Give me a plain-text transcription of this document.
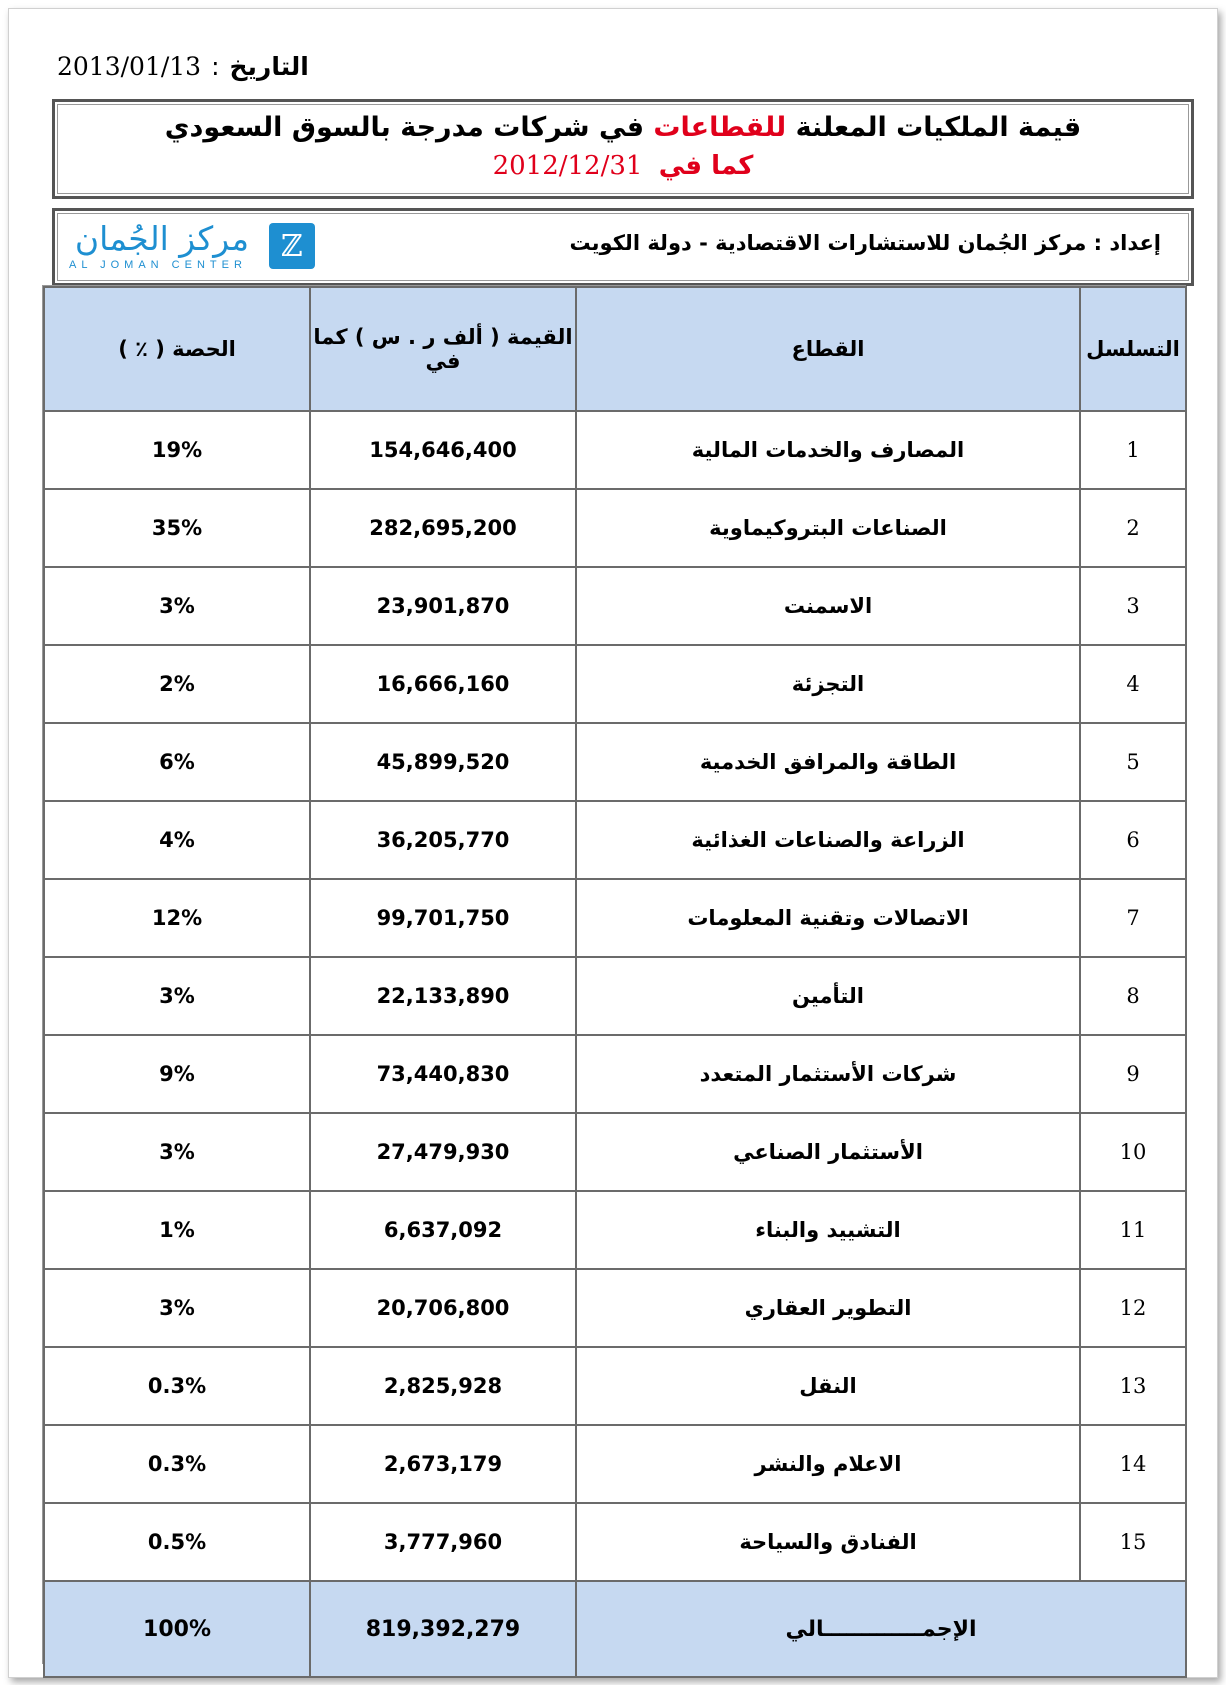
التاريخ
:
2013/01/13
قيمة الملكيات المعلنة للقطاعات في شركات مدرجة بالسوق السعودي
كما في 2012/12/31
إعداد : مركز الجُمان للاستشارات الاقتصادية - دولة الكويت
مركز الجُمان
AL JOMAN CENTER
ℤ
التسلسل	القطاع	القيمة ( ألف ر . س ) كما في	الحصة ( ٪ )
1	المصارف والخدمات المالية	154,646,400	19%
2	الصناعات البتروكيماوية	282,695,200	35%
3	الاسمنت	23,901,870	3%
4	التجزئة	16,666,160	2%
5	الطاقة والمرافق الخدمية	45,899,520	6%
6	الزراعة والصناعات الغذائية	36,205,770	4%
7	الاتصالات وتقنية المعلومات	99,701,750	12%
8	التأمين	22,133,890	3%
9	شركات الأستثمار المتعدد	73,440,830	9%
10	الأستثمار الصناعي	27,479,930	3%
11	التشييد والبناء	6,637,092	1%
12	التطوير العقاري	20,706,800	3%
13	النقل	2,825,928	0.3%
14	الاعلام والنشر	2,673,179	0.3%
15	الفنادق والسياحة	3,777,960	0.5%
الإجمـــــــــــــالي		819,392,279	100%
